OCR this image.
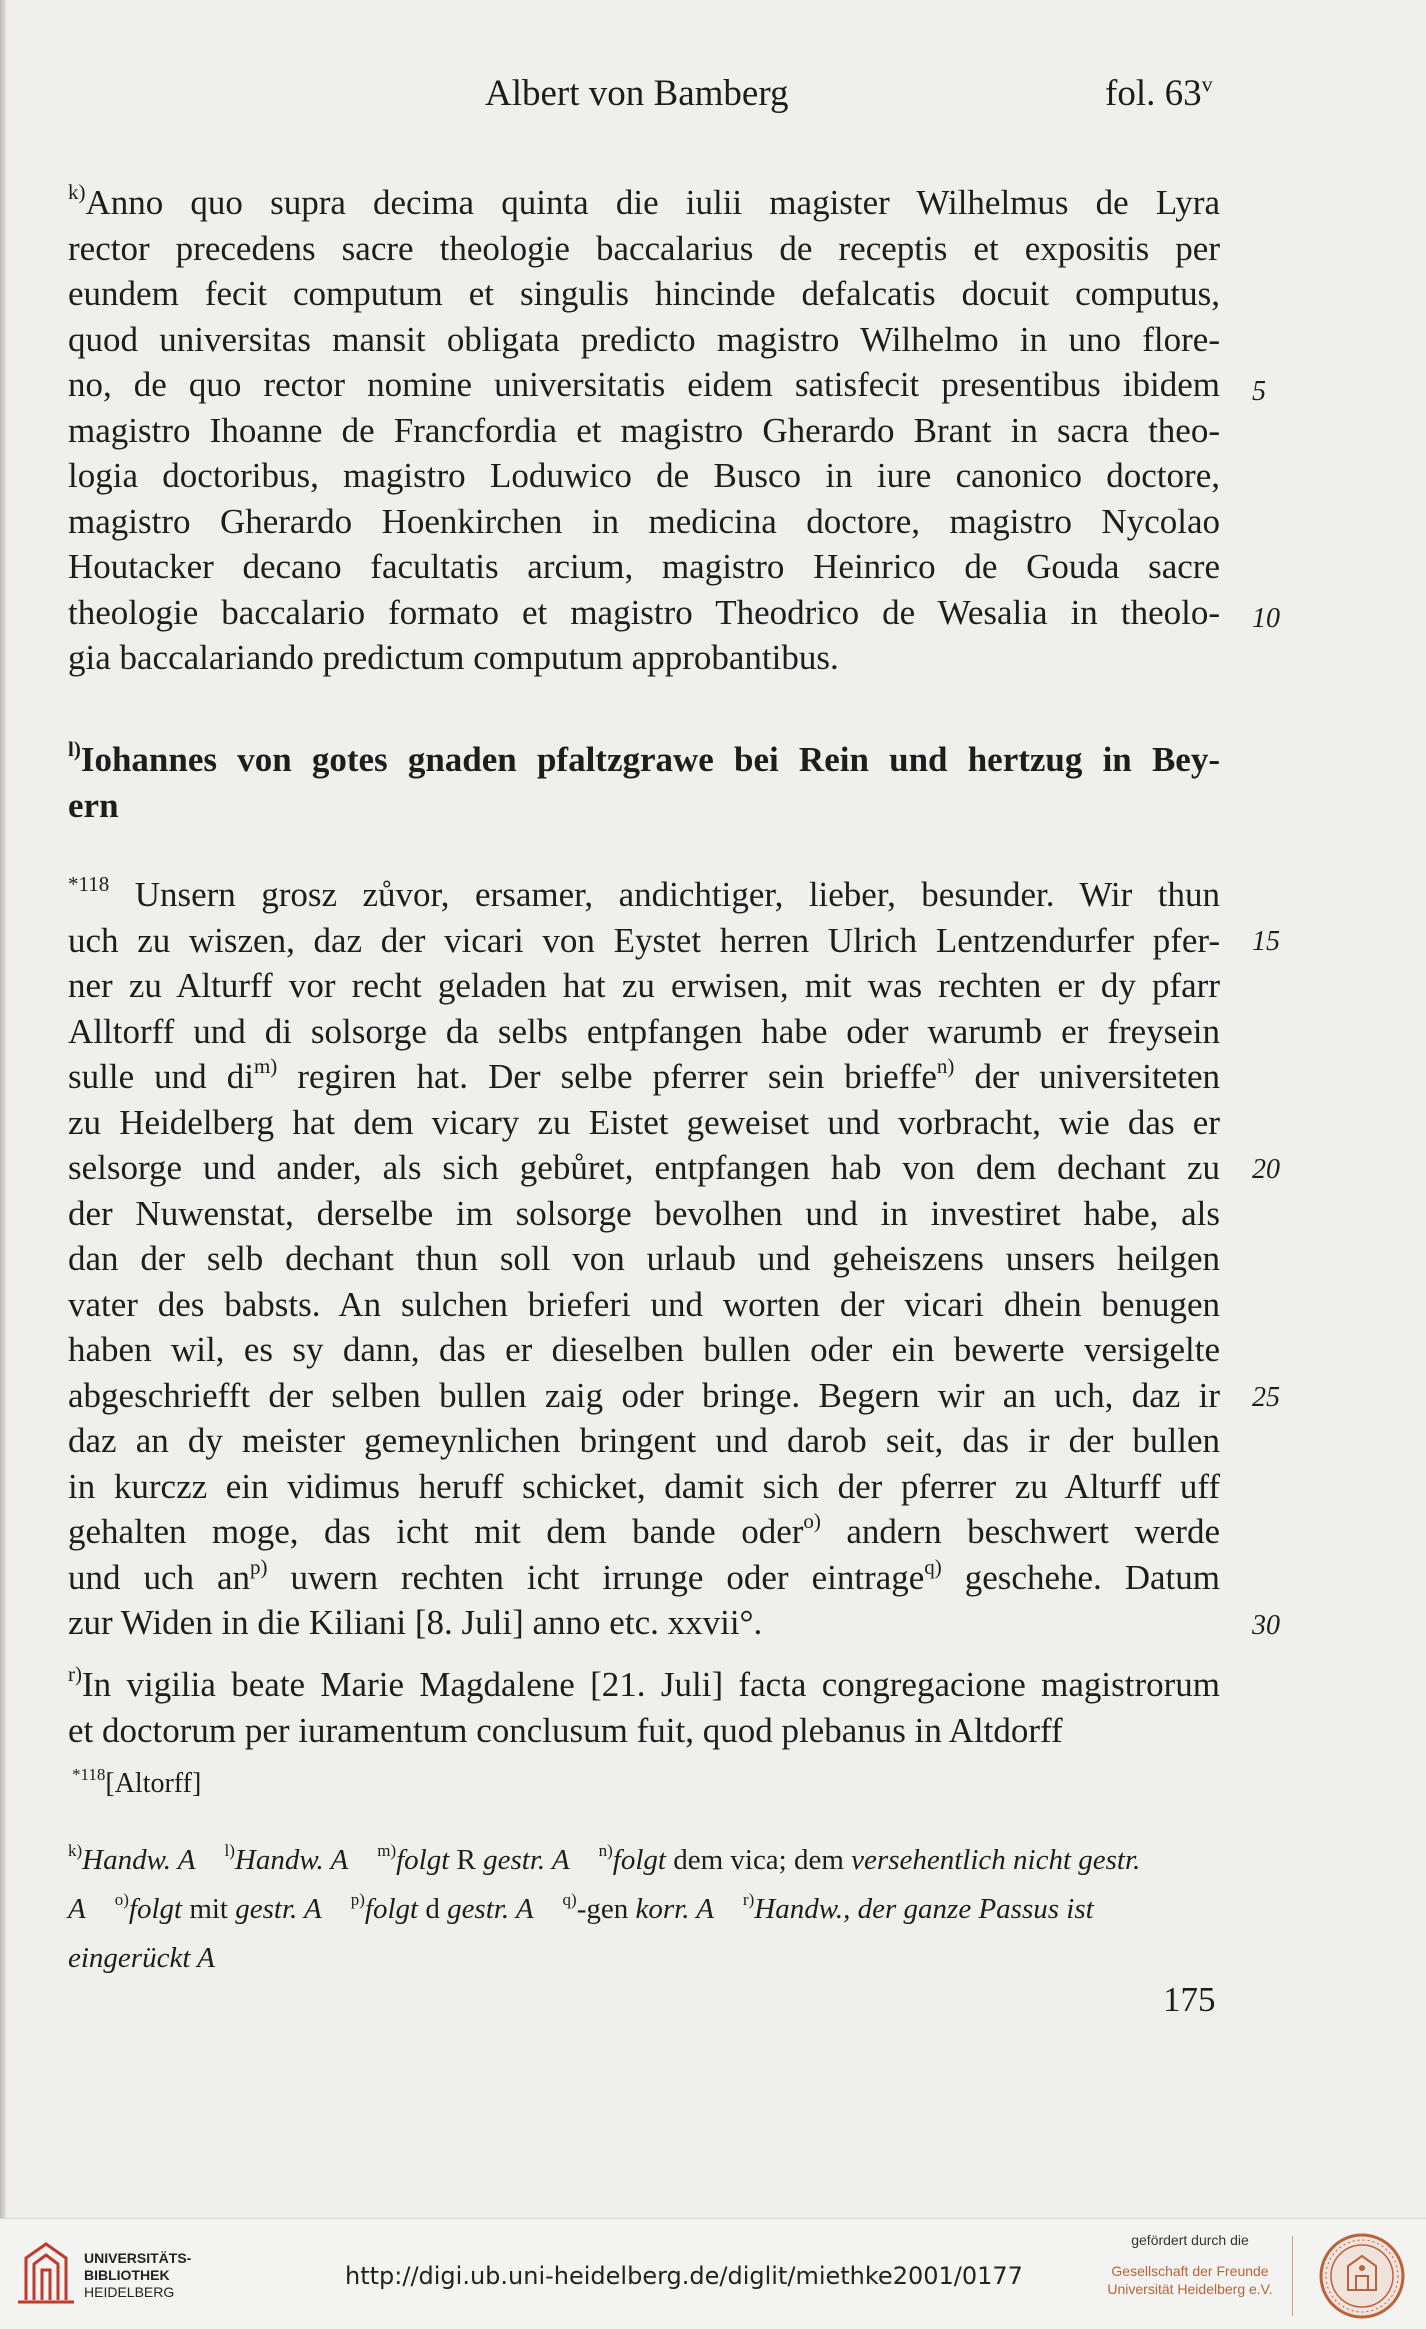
Albert von Bamberg	fol. 63$^v$
$^{k)}$Anno quo supra decima quinta die iulii magister Wilhelmus de Lyra
rector precedens sacre theologie baccalarius de receptis et expositis per
eundem fecit computum et singulis hincinde defalcatis docuit computus,
quod universitas mansit obligata predicto magistro Wilhelmo in uno flore-
no, de quo rector nomine universitatis eidem satisfecit presentibus ibidem
magistro Ihoanne de Francfordia et magistro Gherardo Brant in sacra theo-
logia doctoribus, magistro Loduwico de Busco in iure canonico doctore,
magistro Gherardo Hoenkirchen in medicina doctore, magistro Nycolao
Houtacker decano facultatis arcium, magistro Heinrico de Gouda sacre
theologie baccalario formato et magistro Theodrico de Wesalia in theolo-
gia baccalariando predictum computum approbantibus.
$^{l)}$Iohannes von gotes gnaden pfaltzgrawe bei Rein und hertzug in Bey-
ern
$^{*118}$ Unsern grosz zůvor, ersamer, andichtiger, lieber, besunder. Wir thun
uch zu wiszen, daz der vicari von Eystet herren Ulrich Lentzendurfer pfer-
ner zu Alturff vor recht geladen hat zu erwisen, mit was rechten er dy pfarr
Alltorff und di solsorge da selbs entpfangen habe oder warumb er freysein
sulle und $di^{m)}$ regiren hat. Der selbe pferrer sein brieffe$^{n)}$ der universiteten
zu Heidelberg hat dem vicary zu Eistet geweiset und vorbracht, wie das er
selsorge und ander, als sich gebůret, entpfangen hab von dem dechant zu
der Nuwenstat, derselbe im solsorge bevolhen und in investiret habe, als
dan der selb dechant thun soll von urlaub und geheiszens unsers heilgen
vater des babsts. An sulchen brieferi und worten der vicari dhein benugen
haben wil, es sy dann, das er dieselben bullen oder ein bewerte versigelte
abgeschriefft der selben bullen zaig oder bringe. Begern wir an uch, daz ir
daz an dy meister gemeynlichen bringent und darob seit, das ir der bullen
in kurczz ein vidimus heruff schicket, damit sich der pferrer zu Alturff uff
gehalten moge, das icht mit dem bande oder$^{o)}$ andern beschwert werde
und uch $an^{p)}$ uwern rechten icht irrunge oder eintrage$^{q)}$ geschehe. Datum
zur Widen in die Kiliani [8. Juli] anno etc. xxvii°.
$^{r)}$In vigilia beate Marie Magdalene [21. Juli] facta congregacione magistrorum
et doctorum per iuramentum conclusum fuit, quod plebanus in Altdorff
5
10
15
20
25
30
$^{*118}$[Altorff]
$^{k)}$Handw. A $^{l)}$Handw. A $^{m)}$folgt R gestr. A $^{n)}$folgt dem vica; dem versehentlich nicht gestr.
A $^{o)}$folgt mit gestr. A $^{p)}$folgt d gestr. A $^{q)}$-gen korr. A $^{r)}$Handw., der ganze Passus ist
eingerückt A
175
UNIVERSITÄTS-
BIBLIOTHEK
HEIDELBERG
http://digi.ub.uni-heidelberg.de/diglit/miethke2001/0177
gefördert durch die
Gesellschaft der Freunde
Universität Heidelberg e.V.
